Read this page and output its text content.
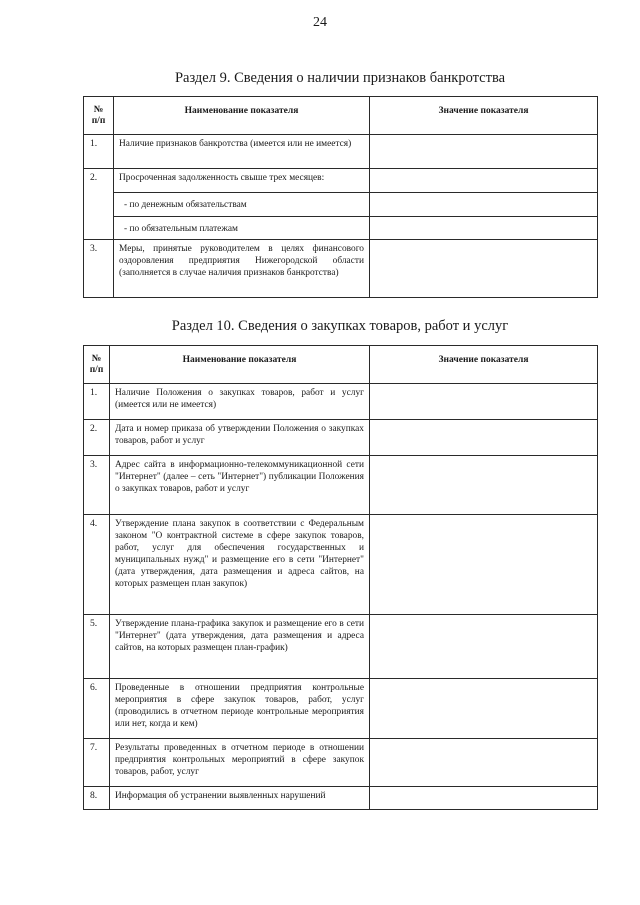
24
Раздел 9. Сведения о наличии признаков банкротства
№
п/п	Наименование показателя	Значение показателя
1.	Наличие признаков банкротства (имеется или не имеется)	
2.	Просроченная задолженность свыше трех месяцев:	
	- по денежным обязательствам	
	- по обязательным платежам	
3.	Меры, принятые руководителем в целях финансового оздоровления предприятия Нижегородской области (заполняется в случае наличия признаков банкротства)	
Раздел 10. Сведения о закупках товаров, работ и услуг
№
п/п	Наименование показателя	Значение показателя
1.	Наличие Положения о закупках товаров, работ и услуг (имеется или не имеется)	
2.	Дата и номер приказа об утверждении Положения о закупках товаров, работ и услуг	
3.	Адрес сайта в информационно-телекоммуникационной сети "Интернет" (далее – сеть "Интернет") публикации Положения о закупках товаров, работ и услуг	
4.	Утверждение плана закупок в соответствии с Федеральным законом "О контрактной системе в сфере закупок товаров, работ, услуг для обеспечения государственных и муниципальных нужд" и размещение его в сети "Интернет" (дата утверждения, дата размещения и адреса сайтов, на которых размещен план закупок)	
5.	Утверждение плана-графика закупок и размещение его в сети "Интернет" (дата утверждения, дата размещения и адреса сайтов, на которых размещен план-график)	
6.	Проведенные в отношении предприятия контрольные мероприятия в сфере закупок товаров, работ, услуг (проводились в отчетном периоде контрольные мероприятия или нет, когда и кем)	
7.	Результаты проведенных в отчетном периоде в отношении предприятия контрольных мероприятий в сфере закупок товаров, работ, услуг	
8.	Информация об устранении выявленных нарушений	
